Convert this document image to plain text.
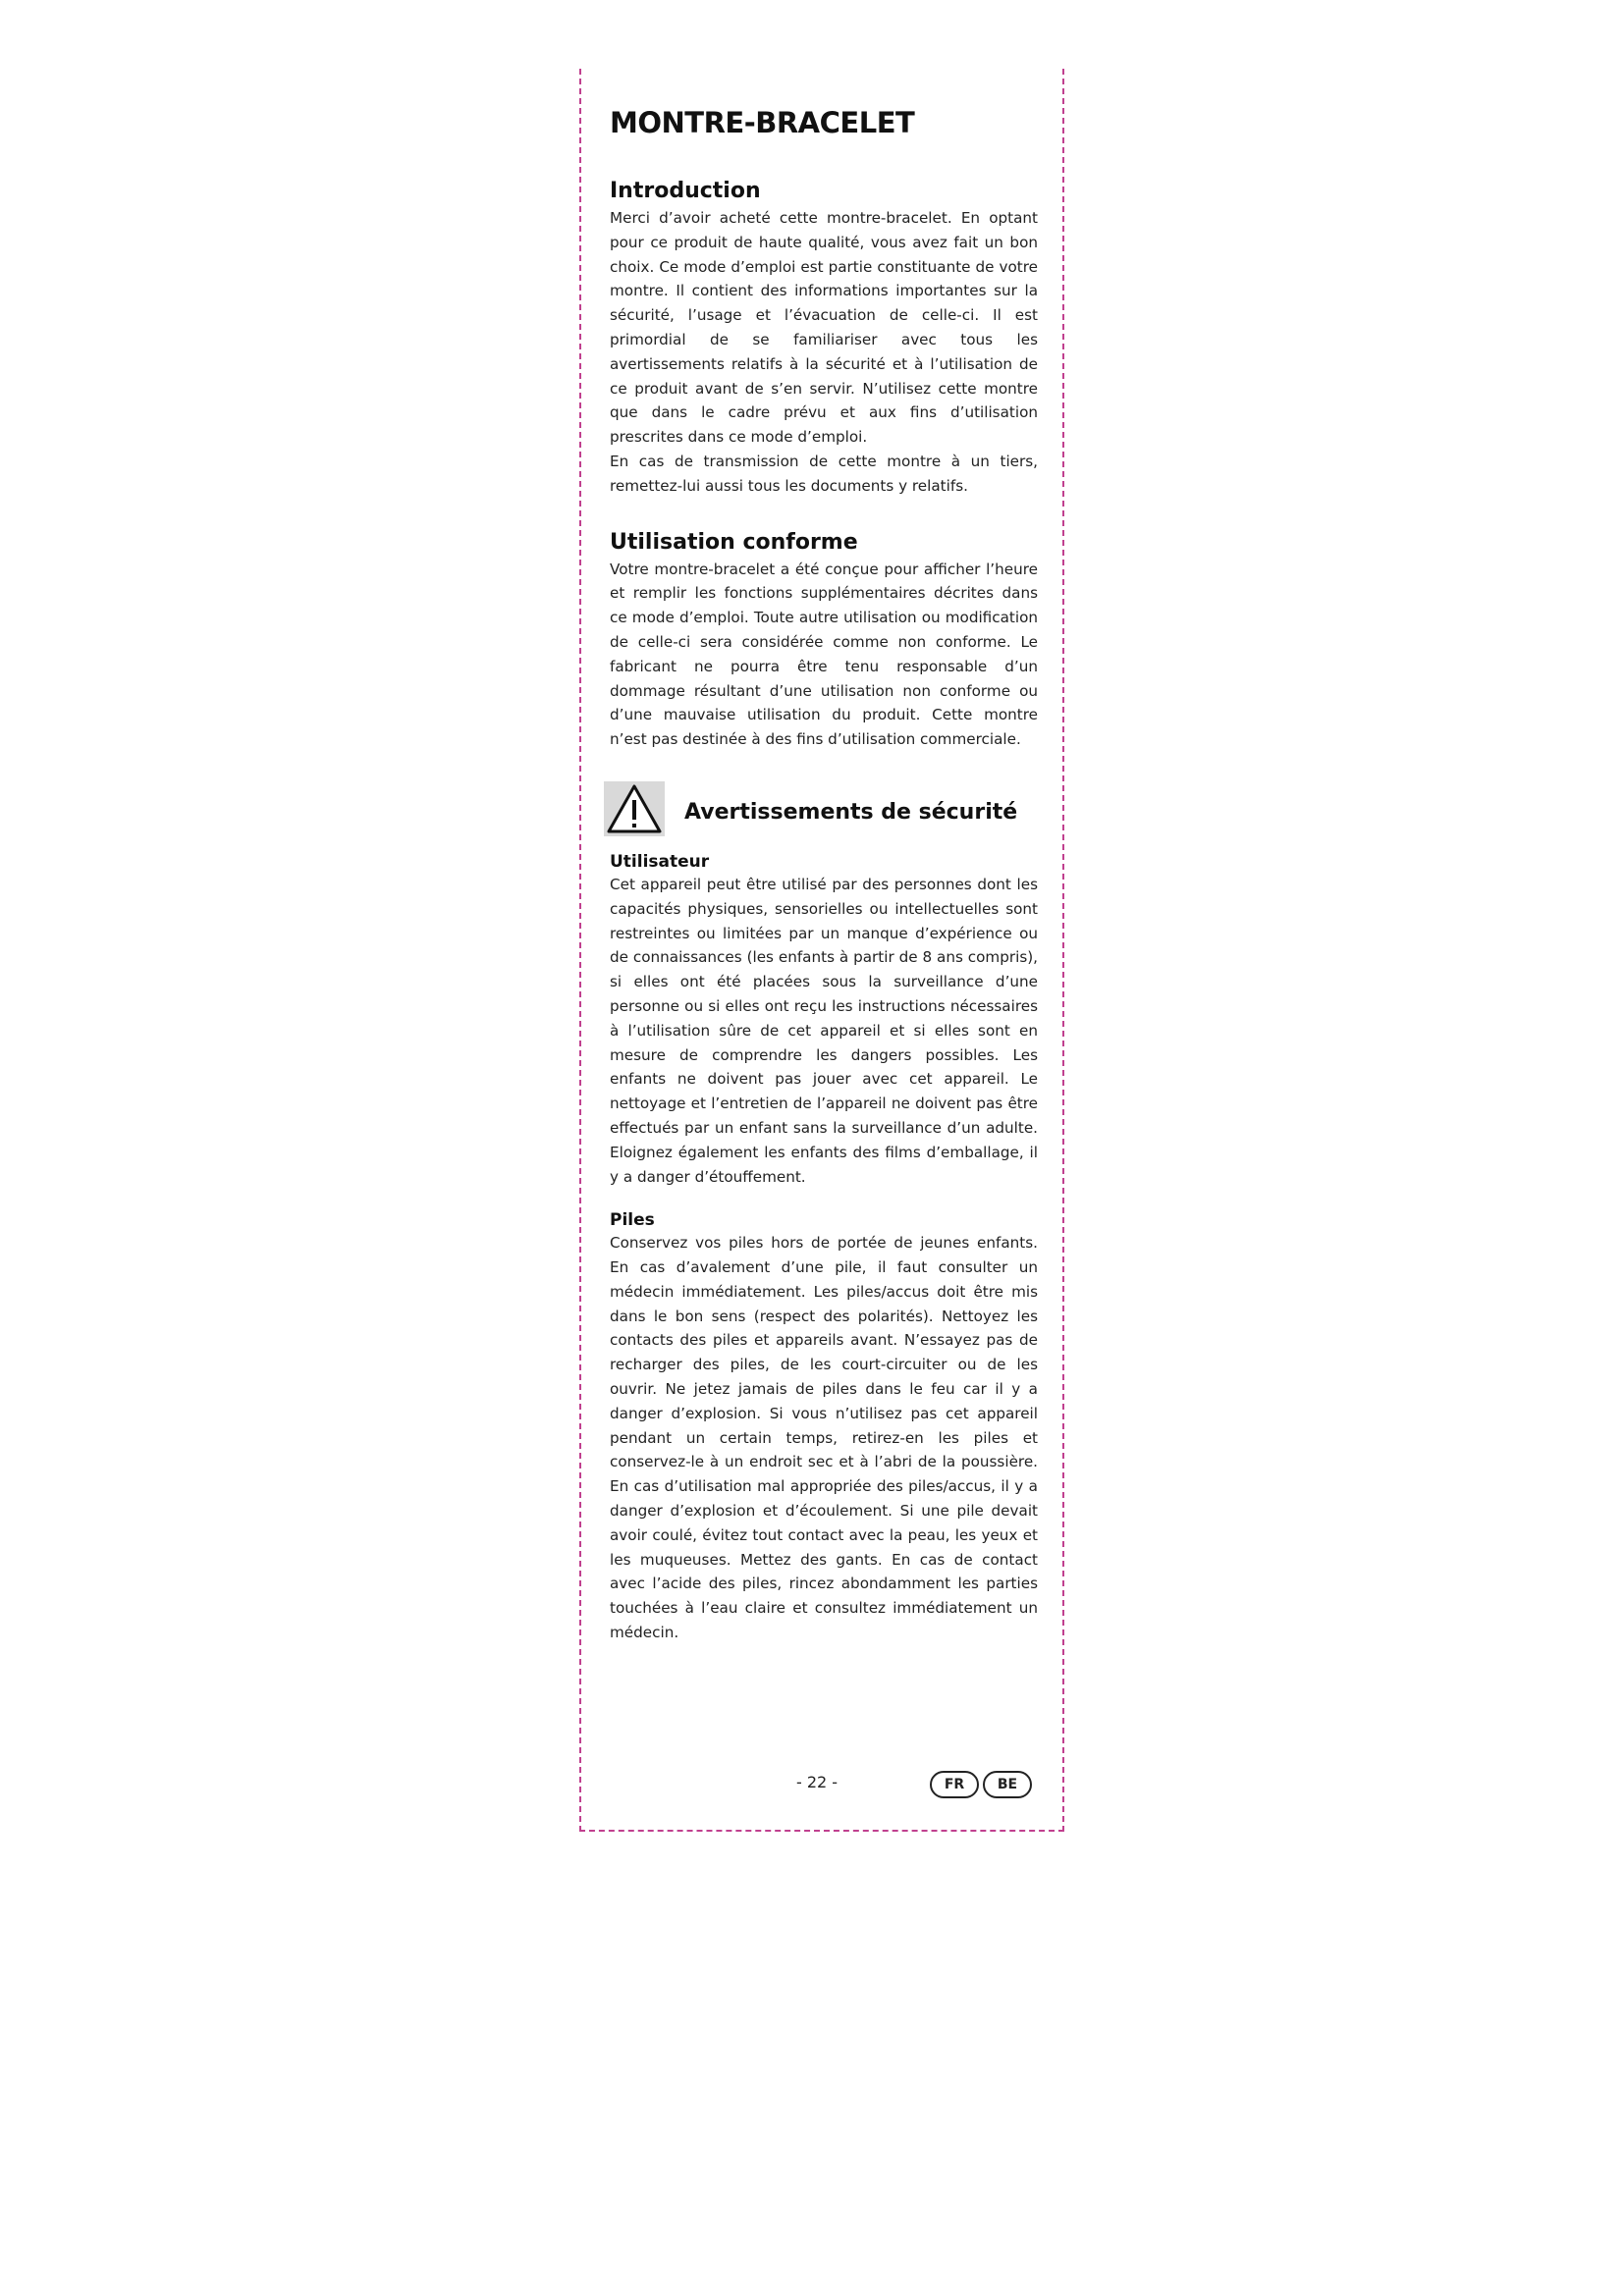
MONTRE-BRACELET
Introduction

Merci d’avoir acheté cette montre-bracelet. En optant pour ce produit de haute qualité, vous avez fait un bon choix. Ce mode d’emploi est partie constituante de votre montre. Il contient des informations importantes sur la sécurité, l’usage et l’évacuation de celle-ci. Il est primordial de se familiariser avec tous les avertissements relatifs à la sécurité et à l’utilisation de ce produit avant de s’en servir. N’utilisez cette montre que dans le cadre prévu et aux fins d’utilisation prescrites dans ce mode d’emploi.

En cas de transmission de cette montre à un tiers, remettez-lui aussi tous les documents y relatifs.

Utilisation conforme

Votre montre-bracelet a été conçue pour afficher l’heure et remplir les fonctions supplémentaires décrites dans ce mode d’emploi. Toute autre utilisation ou modification de celle-ci sera considérée comme non conforme. Le fabricant ne pourra être tenu responsable d’un dommage résultant d’une utilisation non conforme ou d’une mauvaise utilisation du produit. Cette montre n’est pas destinée à des fins d’utilisation commerciale.

Avertissements de sécurité
Utilisateur

Cet appareil peut être utilisé par des personnes dont les capacités physiques, sensorielles ou intellectuelles sont restreintes ou limitées par un manque d’expérience ou de connaissances (les enfants à partir de 8 ans compris), si elles ont été placées sous la surveillance d’une personne ou si elles ont reçu les instructions nécessaires à l’utilisation sûre de cet appareil et si elles sont en mesure de comprendre les dangers possibles. Les enfants ne doivent pas jouer avec cet appareil. Le nettoyage et l’entretien de l’appareil ne doivent pas être effectués par un enfant sans la surveillance d’un adulte. Eloignez également les enfants des films d’emballage, il y a danger d’étouffement.

Piles

Conservez vos piles hors de portée de jeunes enfants. En cas d’avalement d’une pile, il faut consulter un médecin immédiatement. Les piles/accus doit être mis dans le bon sens (respect des polarités). Nettoyez les contacts des piles et appareils avant. N’essayez pas de recharger des piles, de les court-circuiter ou de les ouvrir. Ne jetez jamais de piles dans le feu car il y a danger d’explosion. Si vous n’utilisez pas cet appareil pendant un certain temps, retirez-en les piles et conservez-le à un endroit sec et à l’abri de la poussière. En cas d’utilisation mal appropriée des piles/accus, il y a danger d’explosion et d’écoulement. Si une pile devait avoir coulé, évitez tout contact avec la peau, les yeux et les muqueuses. Mettez des gants. En cas de contact avec l’acide des piles, rincez abondamment les parties touchées à l’eau claire et consultez immédiatement un médecin.

- 22 -	FR	BE
